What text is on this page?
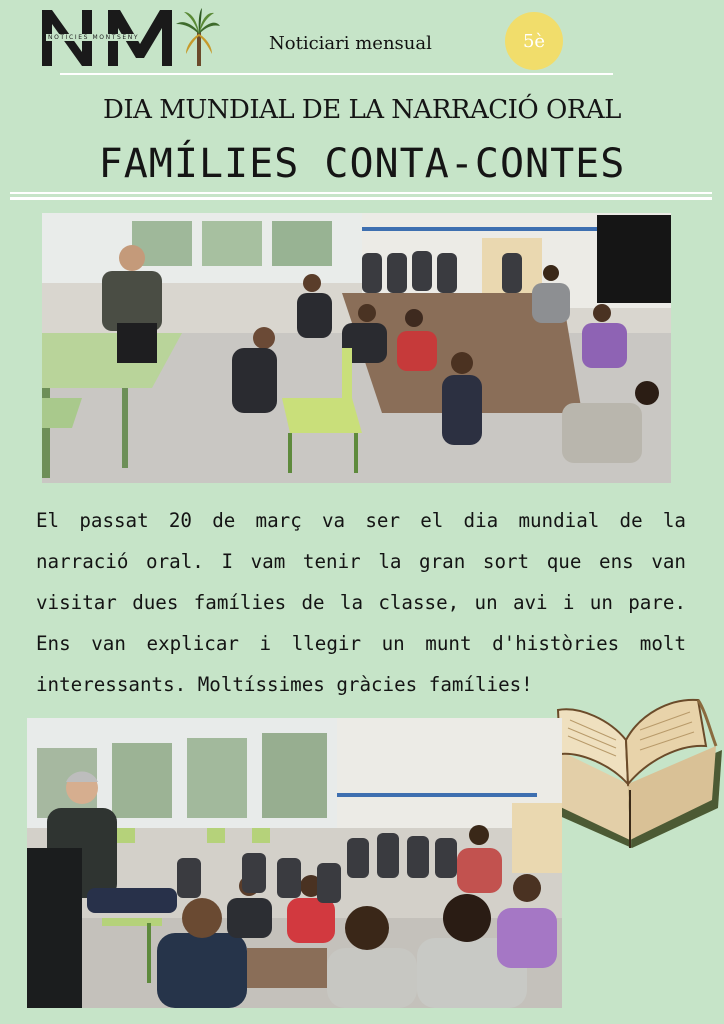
NOTICIES MONTSENY	Noticiari mensual	5è
DIA MUNDIAL DE LA NARRACIÓ ORAL
FAMÍLIES CONTA-CONTES

El passat 20 de març va ser el dia mundial de la narració oral. I vam tenir la gran sort que ens van visitar dues famílies de la classe, un avi i un pare. Ens van explicar i llegir un munt d'històries molt interessants. Moltíssimes gràcies famílies!
